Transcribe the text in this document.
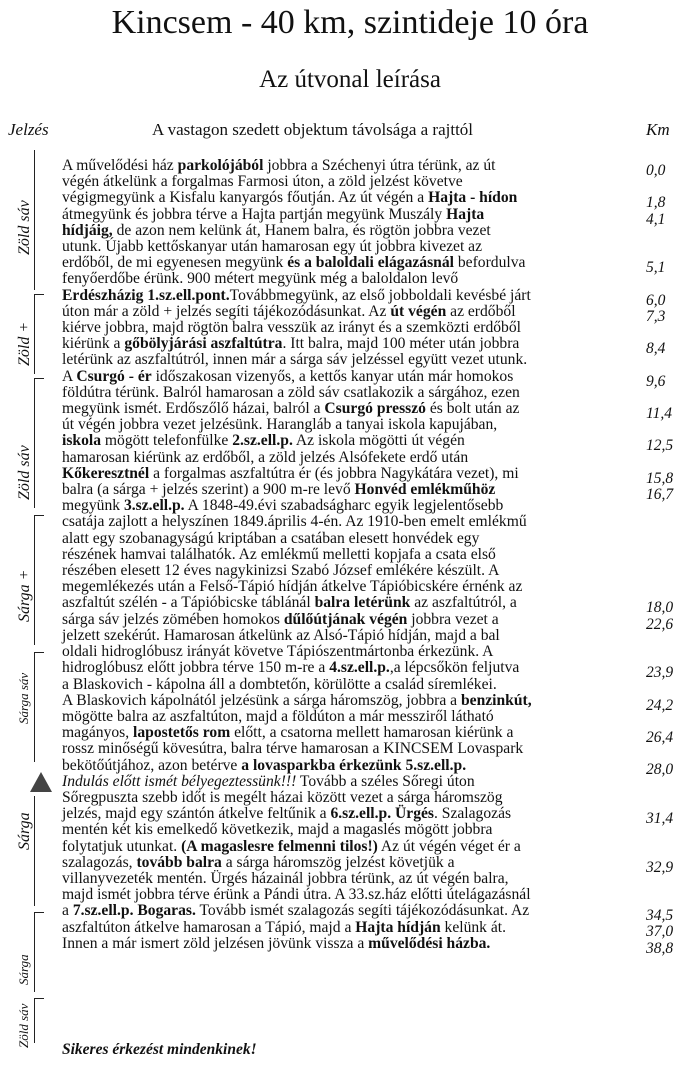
Kincsem - 40 km, szintideje 10 óra
Az útvonal leírása
Jelzés	A vastagon szedett objektum távolsága a rajttól	Km
Zöld sáv
Zöld +
Zöld sáv
Sárga +
Sárga sáv
Sárga
Sárga
Zöld sáv
A művelődési ház parkolójából jobbra a Széchenyi útra térünk, az út
végén átkelünk a forgalmas Farmosi úton, a zöld jelzést követve
végigmegyünk a Kisfalu kanyargós főutján. Az út végén a Hajta - hídon
átmegyünk és jobbra térve a Hajta partján megyünk Muszály Hajta
hídjáig, de azon nem kelünk át, Hanem balra, és rögtön jobbra vezet
utunk. Újabb kettőskanyar után hamarosan egy út jobbra kivezet az
erdőből, de mi egyenesen megyünk és a baloldali elágazásnál befordulva
fenyőerdőbe érünk. 900 métert megyünk még a baloldalon levő
Erdészházig 1.sz.ell.pont.Továbbmegyünk, az első jobboldali kevésbé járt
úton már a zöld + jelzés segíti tájékozódásunkat. Az út végén az erdőből
kiérve jobbra, majd rögtön balra vesszük az irányt és a szemközti erdőből
kiérünk a gőbölyjárási aszfaltútra. Itt balra, majd 100 méter után jobbra
letérünk az aszfaltútról, innen már a sárga sáv jelzéssel együtt vezet utunk.
A Csurgó - ér időszakosan vizenyős, a kettős kanyar után már homokos
földútra térünk. Balról hamarosan a zöld sáv csatlakozik a sárgához, ezen
megyünk ismét. Erdőszőlő házai, balról a Csurgó presszó és bolt után az
út végén jobbra vezet jelzésünk. Harangláb a tanyai iskola kapujában,
iskola mögött telefonfülke 2.sz.ell.p. Az iskola mögötti út végén
hamarosan kiérünk az erdőből, a zöld jelzés Alsófekete erdő után
Kőkeresztnél a forgalmas aszfaltútra ér (és jobbra Nagykátára vezet), mi
balra (a sárga + jelzés szerint) a 900 m-re levő Honvéd emlékműhöz
megyünk 3.sz.ell.p. A 1848-49.évi szabadságharc egyik legjelentősebb
csatája zajlott a helyszínen 1849.április 4-én. Az 1910-ben emelt emlékmű
alatt egy szobanagyságú kriptában a csatában elesett honvédek egy
részének hamvai találhatók. Az emlékmű melletti kopjafa a csata első
részében elesett 12 éves nagykinizsi Szabó József emlékére készült. A
megemlékezés után a Felső-Tápió hídján átkelve Tápióbicskére érnénk az
aszfaltút szélén - a Tápióbicske táblánál balra letérünk az aszfaltútról, a
sárga sáv jelzés zömében homokos dűlőútjának végén jobbra vezet a
jelzett szekérút. Hamarosan átkelünk az Alsó-Tápió hídján, majd a bal
oldali hidroglóbusz irányát követve Tápiószentmártonba érkezünk. A
hidroglóbusz előtt jobbra térve 150 m-re a 4.sz.ell.p.,a lépcsőkön feljutva
a Blaskovich - kápolna áll a dombtetőn, körülötte a család síremlékei.
A Blaskovich kápolnától jelzésünk a sárga háromszög, jobbra a benzinkút,
mögötte balra az aszfaltúton, majd a földúton a már messziről látható
magányos, lapostetős rom előtt, a csatorna mellett hamarosan kiérünk a
rossz minőségű kövesútra, balra térve hamarosan a KINCSEM Lovaspark
bekötőútjához, azon betérve a lovasparkba érkezünk 5.sz.ell.p.
Indulás előtt ismét bélyegeztessünk!!! Tovább a széles Sőregi úton
Sőregpuszta szebb időt is megélt házai között vezet a sárga háromszög
jelzés, majd egy szántón átkelve feltűnik a 6.sz.ell.p. Ürgés. Szalagozás
mentén két kis emelkedő következik, majd a magaslés mögött jobbra
folytatjuk utunkat. (A magaslesre felmenni tilos!) Az út végén véget ér a
szalagozás, tovább balra a sárga háromszög jelzést követjük a
villanyvezeték mentén. Ürgés házainál jobbra térünk, az út végén balra,
majd ismét jobbra térve érünk a Pándi útra. A 33.sz.ház előtti útelágazásnál
a 7.sz.ell.p. Bogaras. Tovább ismét szalagozás segíti tájékozódásunkat. Az
aszfaltúton átkelve hamarosan a Tápió, majd a Hajta hídján kelünk át.
Innen a már ismert zöld jelzésen jövünk vissza a művelődési házba.
0,0
1,8
4,1
5,1
6,0
7,3
8,4
9,6
11,4
12,5
15,8
16,7
18,0
22,6
23,9
24,2
26,4
28,0
31,4
32,9
34,5
37,0
38,8
Sikeres érkezést mindenkinek!
